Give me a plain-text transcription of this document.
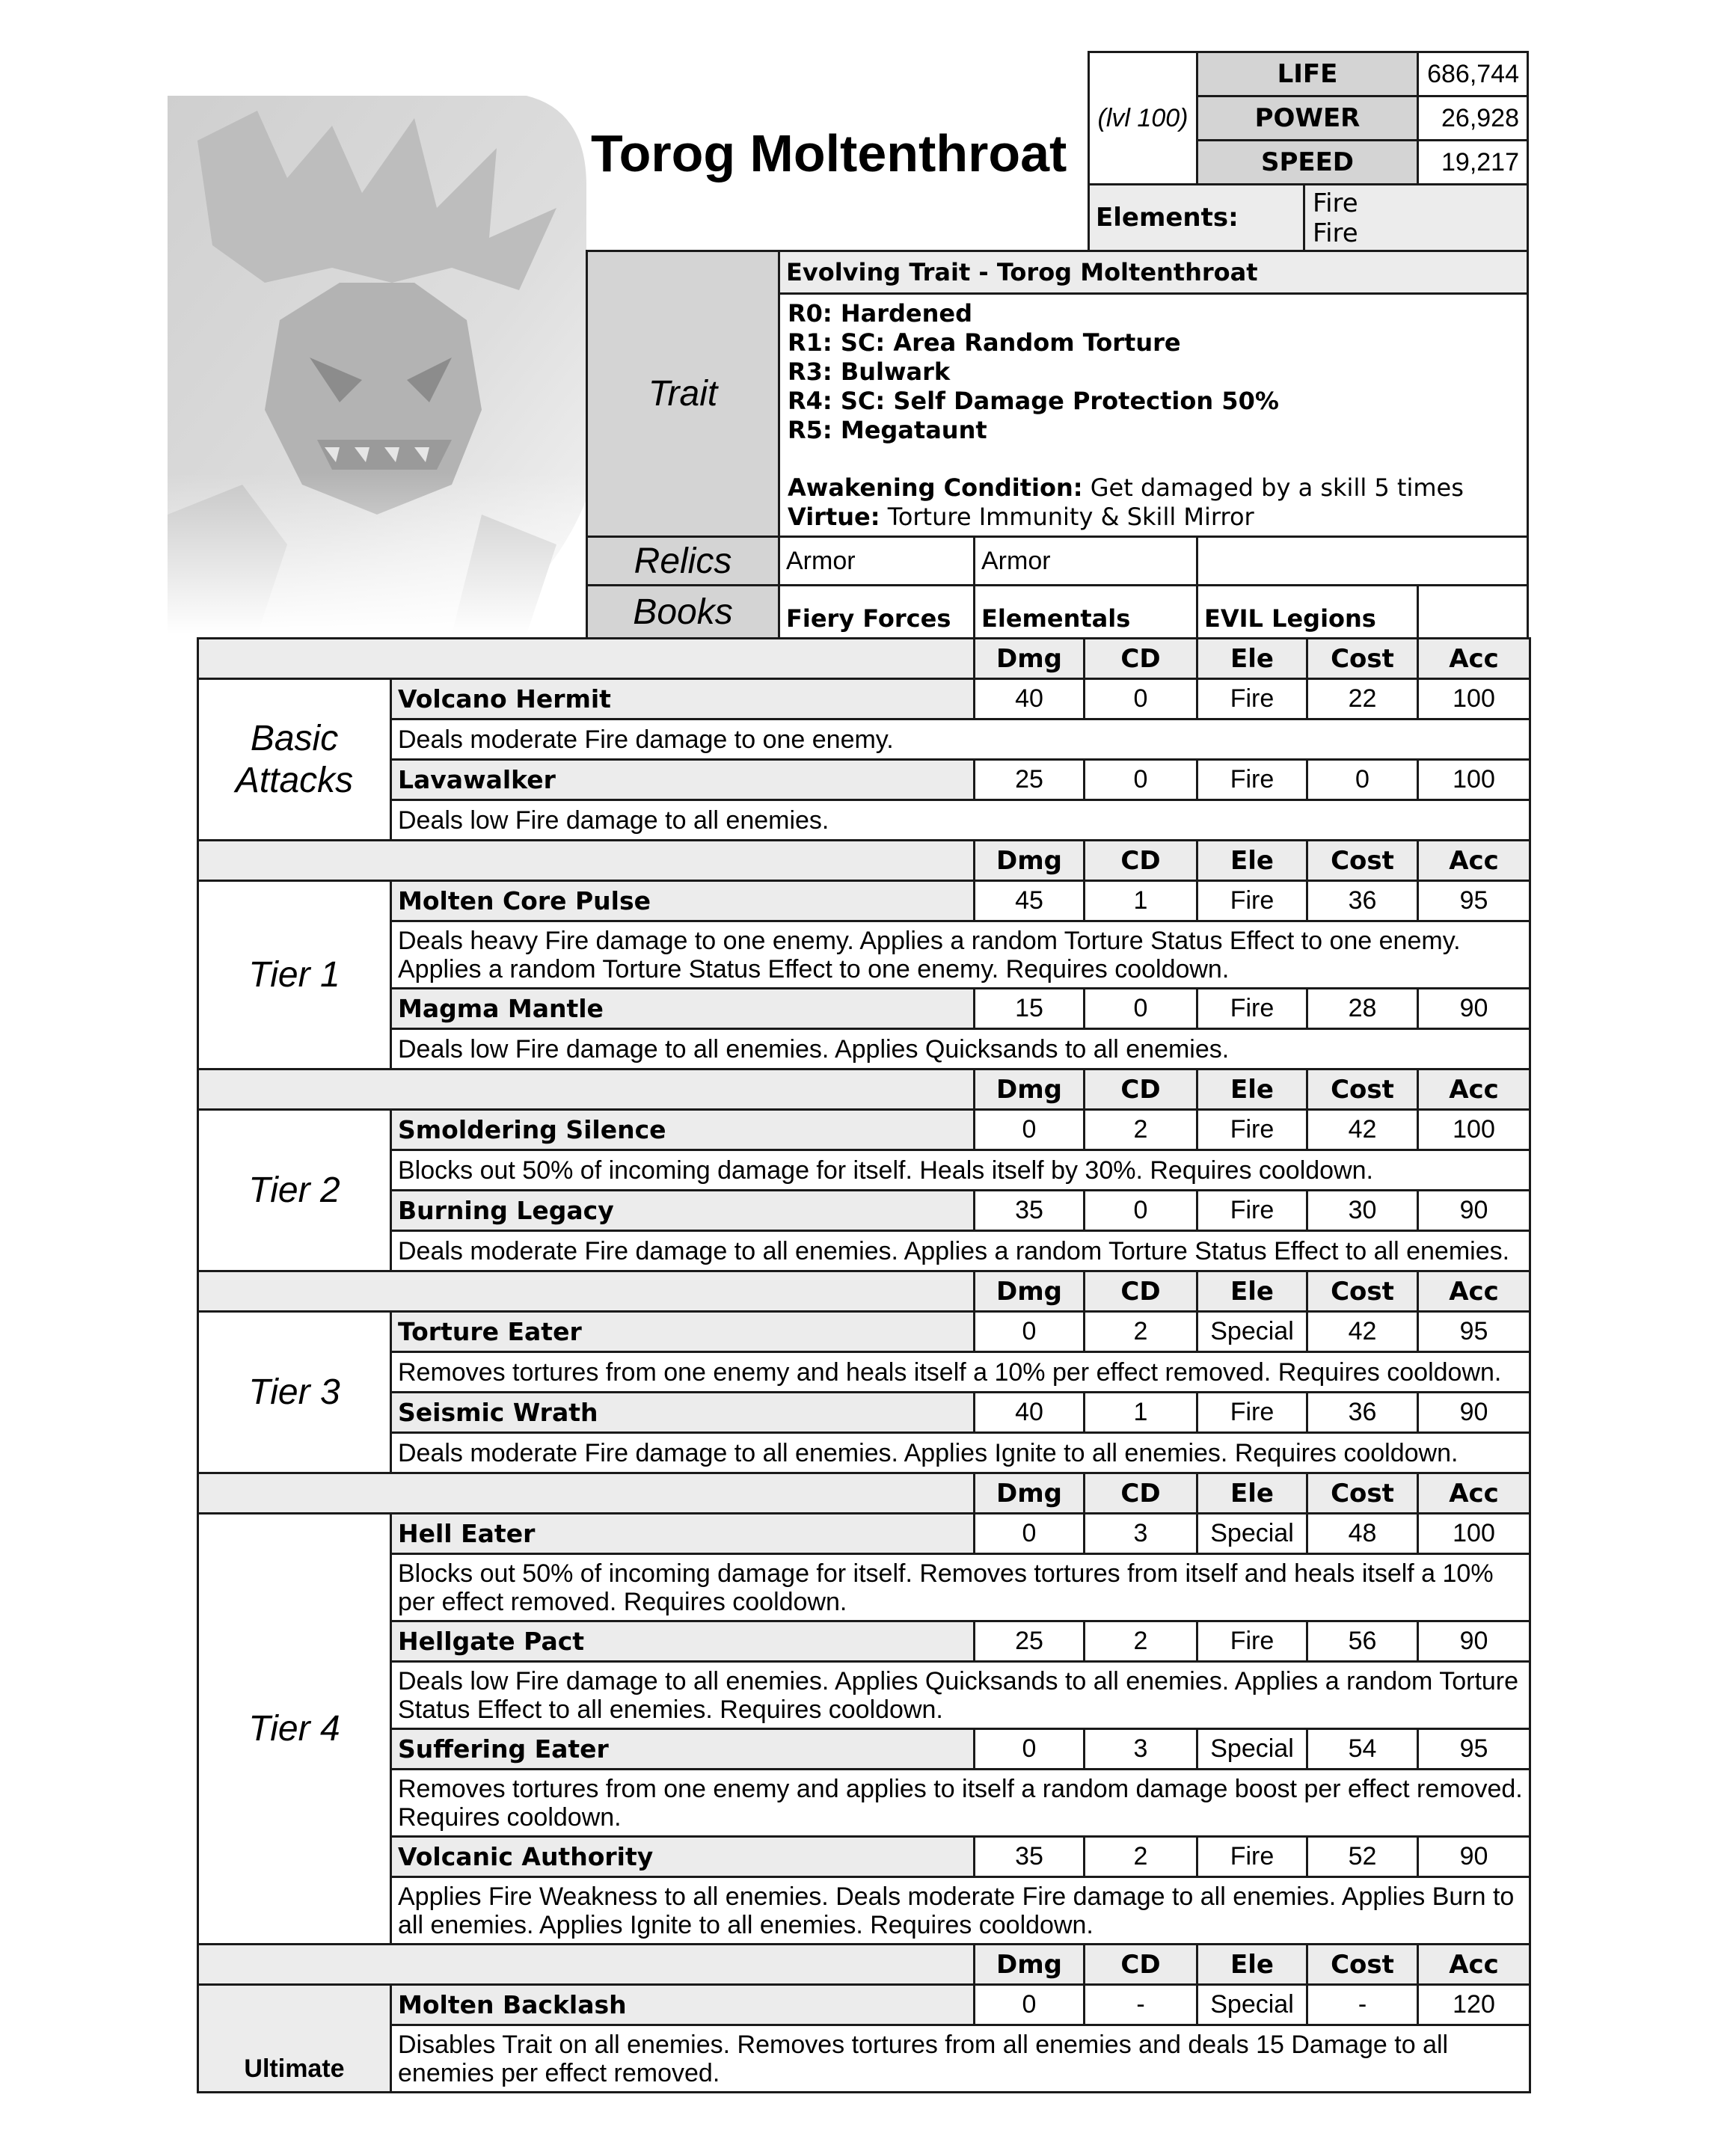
Torog Moltenthroat
(lvl 100)
LIFE	686,744
POWER	26,928
SPEED	19,217
Elements:	Fire
Fire
Trait
Evolving Trait - Torog Moltenthroat
R0: Hardened
R1: SC: Area Random Torture
R3: Bulwark
R4: SC: Self Damage Protection 50%
R5: Megataunt
Awakening Condition: Get damaged by a skill 5 times
Virtue: Torture Immunity & Skill Mirror
Relics	Armor	Armor
Books	Fiery Forces	Elementals	EVIL Legions
Dmg	CD	Ele	Cost	Acc
Volcano Hermit	40	0	Fire	22	100
Deals moderate Fire damage to one enemy.
Lavawalker	25	0	Fire	0	100
Deals low Fire damage to all enemies.
Basic Attacks
Dmg	CD	Ele	Cost	Acc
Molten Core Pulse	45	1	Fire	36	95
Deals heavy Fire damage to one enemy. Applies a random Torture Status Effect to one enemy. Applies a random Torture Status Effect to one enemy. Requires cooldown.
Magma Mantle	15	0	Fire	28	90
Deals low Fire damage to all enemies. Applies Quicksands to all enemies.
Tier 1
Dmg	CD	Ele	Cost	Acc
Smoldering Silence	0	2	Fire	42	100
Blocks out 50% of incoming damage for itself. Heals itself by 30%. Requires cooldown.
Burning Legacy	35	0	Fire	30	90
Deals moderate Fire damage to all enemies. Applies a random Torture Status Effect to all enemies.
Tier 2
Dmg	CD	Ele	Cost	Acc
Torture Eater	0	2	Special	42	95
Removes tortures from one enemy and heals itself a 10% per effect removed. Requires cooldown.
Seismic Wrath	40	1	Fire	36	90
Deals moderate Fire damage to all enemies. Applies Ignite to all enemies. Requires cooldown.
Tier 3
Dmg	CD	Ele	Cost	Acc
Hell Eater	0	3	Special	48	100
Blocks out 50% of incoming damage for itself. Removes tortures from itself and heals itself a 10% per effect removed. Requires cooldown.
Hellgate Pact	25	2	Fire	56	90
Deals low Fire damage to all enemies. Applies Quicksands to all enemies. Applies a random Torture Status Effect to all enemies. Requires cooldown.
Suffering Eater	0	3	Special	54	95
Removes tortures from one enemy and applies to itself a random damage boost per effect removed. Requires cooldown.
Volcanic Authority	35	2	Fire	52	90
Applies Fire Weakness to all enemies. Deals moderate Fire damage to all enemies. Applies Burn to all enemies. Applies Ignite to all enemies. Requires cooldown.
Tier 4
Dmg	CD	Ele	Cost	Acc
Molten Backlash	0	-	Special	-	120
Disables Trait on all enemies. Removes tortures from all enemies and deals 15 Damage to all enemies per effect removed.
Ultimate
